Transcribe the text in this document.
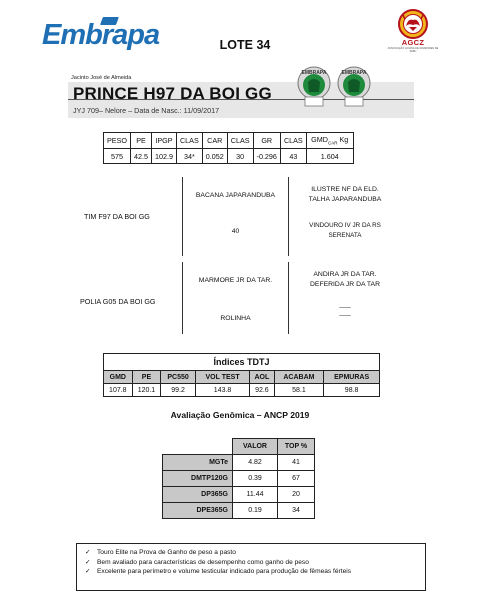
Embrapa	AGCZ
ASSOCIAÇÃO GOIANA DE CRIADORES DE ZEBU
LOTE 34
Jacinto José de Almeida
PRINCE H97 DA BOI GG
JYJ 709– Nelore – Data de Nasc.: 11/09/2017
EMBRAPA	EMBRAPA
PESO	PE	IPGP	CLAS	CAR	CLAS	GR	CLAS	$GMD_{CAR}$ Kg
575	42.5	102.9	34*	0.052	30	-0.296	43	1.604
TIM F97 DA BOI GG
BACANA JAPARANDUBA
40
ILUSTRE NF DA ELD.
TALHA JAPARANDUBA
VINDOURO IV JR DA RS
SERENATA
POLIA G05 DA BOI GG
MARMORE JR DA TAR.
ROLINHA
ANDIRA JR DA TAR.
DEFERIDA JR DA TAR
___
___
Índices TDTJ						
GMD	PE	PC550	VOL TEST	AOL	ACABAM	EPMURAS
107.8	120.1	99.2	143.8	92.6	58.1	98.8
Avaliação Genômica – ANCP 2019
	VALOR	TOP %
MGTe	4.82	41
DMTP120G	0.39	67
DP365G	11.44	20
DPE365G	0.19	34
✓ Touro Elite na Prova de Ganho de peso a pasto
✓ Bem avaliado para características de desempenho como ganho de peso
✓ Excelente para perímetro e volume testicular indicado para produção de fêmeas férteis
